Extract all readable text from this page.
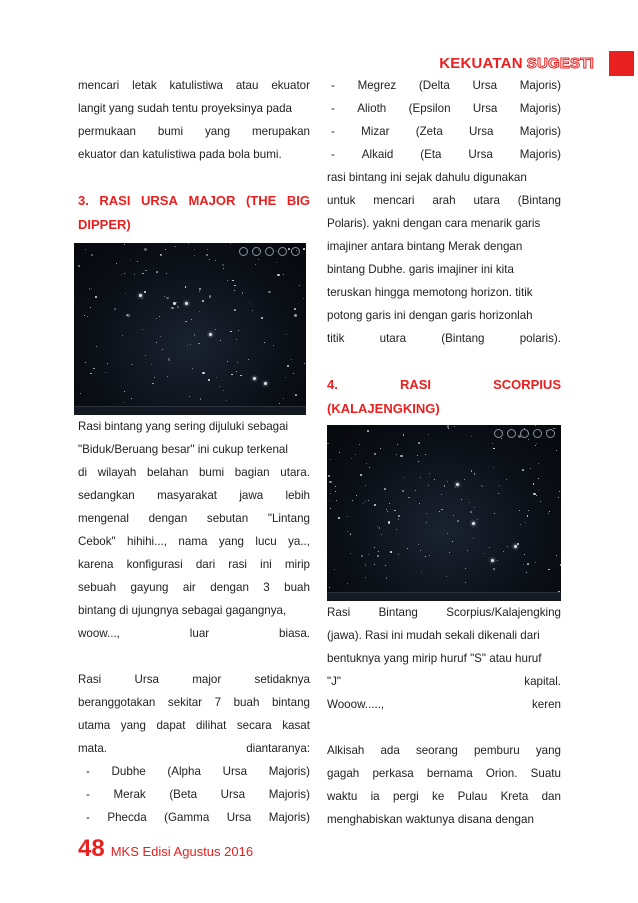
KEKUATAN SUGESTI
mencari letak katulistiwa atau ekuator
langit yang sudah tentu proyeksinya pada
permukaan bumi yang merupakan
ekuator dan katulistiwa pada bola bumi.
3. RASI URSA MAJOR (THE BIG
DIPPER)
Rasi bintang yang sering dijuluki sebagai
"Biduk/Beruang besar" ini cukup terkenal
di wilayah belahan bumi bagian utara.
sedangkan masyarakat jawa lebih
mengenal dengan sebutan "Lintang
Cebok" hihihi..., nama yang lucu ya..,
karena konfigurasi dari rasi ini mirip
sebuah gayung air dengan 3 buah
bintang di ujungnya sebagai gagangnya,
woow...,	luar	biasa.
Rasi	Ursa	major	setidaknya
beranggotakan sekitar 7 buah bintang
utama yang dapat dilihat secara kasat
mata.	diantaranya:
- Dubhe (Alpha Ursa Majoris)
- Merak (Beta Ursa Majoris)
- Phecda (Gamma Ursa Majoris)
- Megrez (Delta Ursa Majoris)
- Alioth (Epsilon Ursa Majoris)
- Mizar (Zeta Ursa Majoris)
- Alkaid (Eta Ursa Majoris)
rasi bintang ini sejak dahulu digunakan
untuk mencari arah utara (Bintang
Polaris). yakni dengan cara menarik garis
imajiner antara bintang Merak dengan
bintang Dubhe. garis imajiner ini kita
teruskan hingga memotong horizon. titik
potong garis ini dengan garis horizonlah
titik	utara	(Bintang	polaris).
4.	RASI	SCORPIUS
(KALAJENGKING)
Rasi Bintang Scorpius/Kalajengking
(jawa). Rasi ini mudah sekali dikenali dari
bentuknya yang mirip huruf "S" atau huruf
"J"	kapital.
Wooow.....,	keren
Alkisah ada seorang pemburu yang
gagah perkasa bernama Orion. Suatu
waktu ia pergi ke Pulau Kreta dan
menghabiskan waktunya disana dengan
48 MKS Edisi Agustus 2016
